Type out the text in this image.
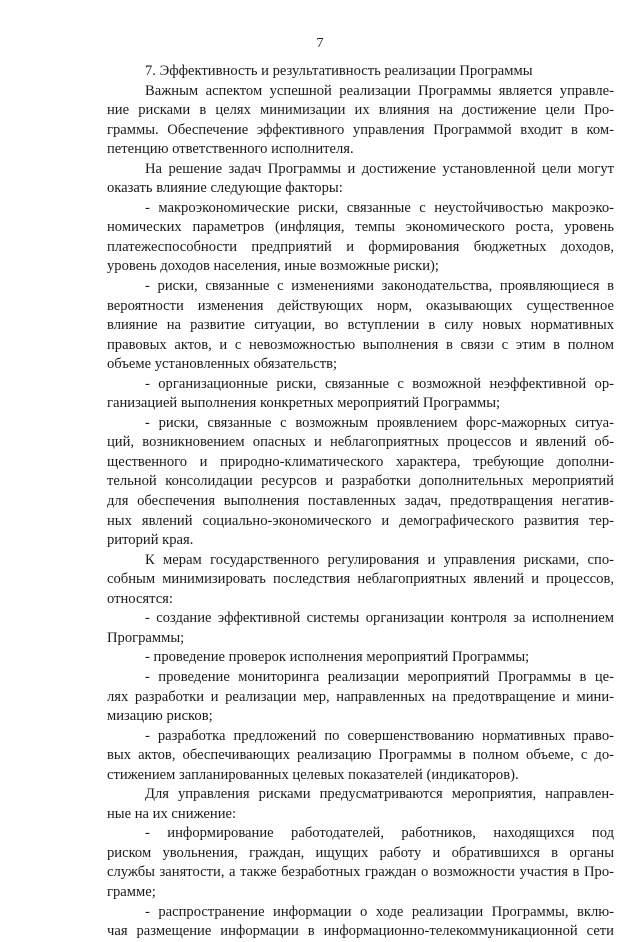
7
7. Эффективность и результативность реализации Программы
Важным аспектом успешной реализации Программы является управле-
ние рисками в целях минимизации их влияния на достижение цели Про-
граммы. Обеспечение эффективного управления Программой входит в ком-
петенцию ответственного исполнителя.
На решение задач Программы и достижение установленной цели могут
оказать влияние следующие факторы:
- макроэкономические риски, связанные с неустойчивостью макроэко-
номических параметров (инфляция, темпы экономического роста, уровень
платежеспособности предприятий и формирования бюджетных доходов,
уровень доходов населения, иные возможные риски);
- риски, связанные с изменениями законодательства, проявляющиеся в
вероятности изменения действующих норм, оказывающих существенное
влияние на развитие ситуации, во вступлении в силу новых нормативных
правовых актов, и с невозможностью выполнения в связи с этим в полном
объеме установленных обязательств;
- организационные риски, связанные с возможной неэффективной ор-
ганизацией выполнения конкретных мероприятий Программы;
- риски, связанные с возможным проявлением форс-мажорных ситуа-
ций, возникновением опасных и неблагоприятных процессов и явлений об-
щественного и природно-климатического характера, требующие дополни-
тельной консолидации ресурсов и разработки дополнительных мероприятий
для обеспечения выполнения поставленных задач, предотвращения негатив-
ных явлений социально-экономического и демографического развития тер-
риторий края.
К мерам государственного регулирования и управления рисками, спо-
собным минимизировать последствия неблагоприятных явлений и процессов,
относятся:
- создание эффективной системы организации контроля за исполнением
Программы;
- проведение проверок исполнения мероприятий Программы;
- проведение мониторинга реализации мероприятий Программы в це-
лях разработки и реализации мер, направленных на предотвращение и мини-
мизацию рисков;
- разработка предложений по совершенствованию нормативных право-
вых актов, обеспечивающих реализацию Программы в полном объеме, с до-
стижением запланированных целевых показателей (индикаторов).
Для управления рисками предусматриваются мероприятия, направлен-
ные на их снижение:
- информирование работодателей, работников, находящихся под
риском увольнения, граждан, ищущих работу и обратившихся в органы
службы занятости, а также безработных граждан о возможности участия в Про-
грамме;
- распространение информации о ходе реализации Программы, вклю-
чая размещение информации в информационно-телекоммуникационной сети
